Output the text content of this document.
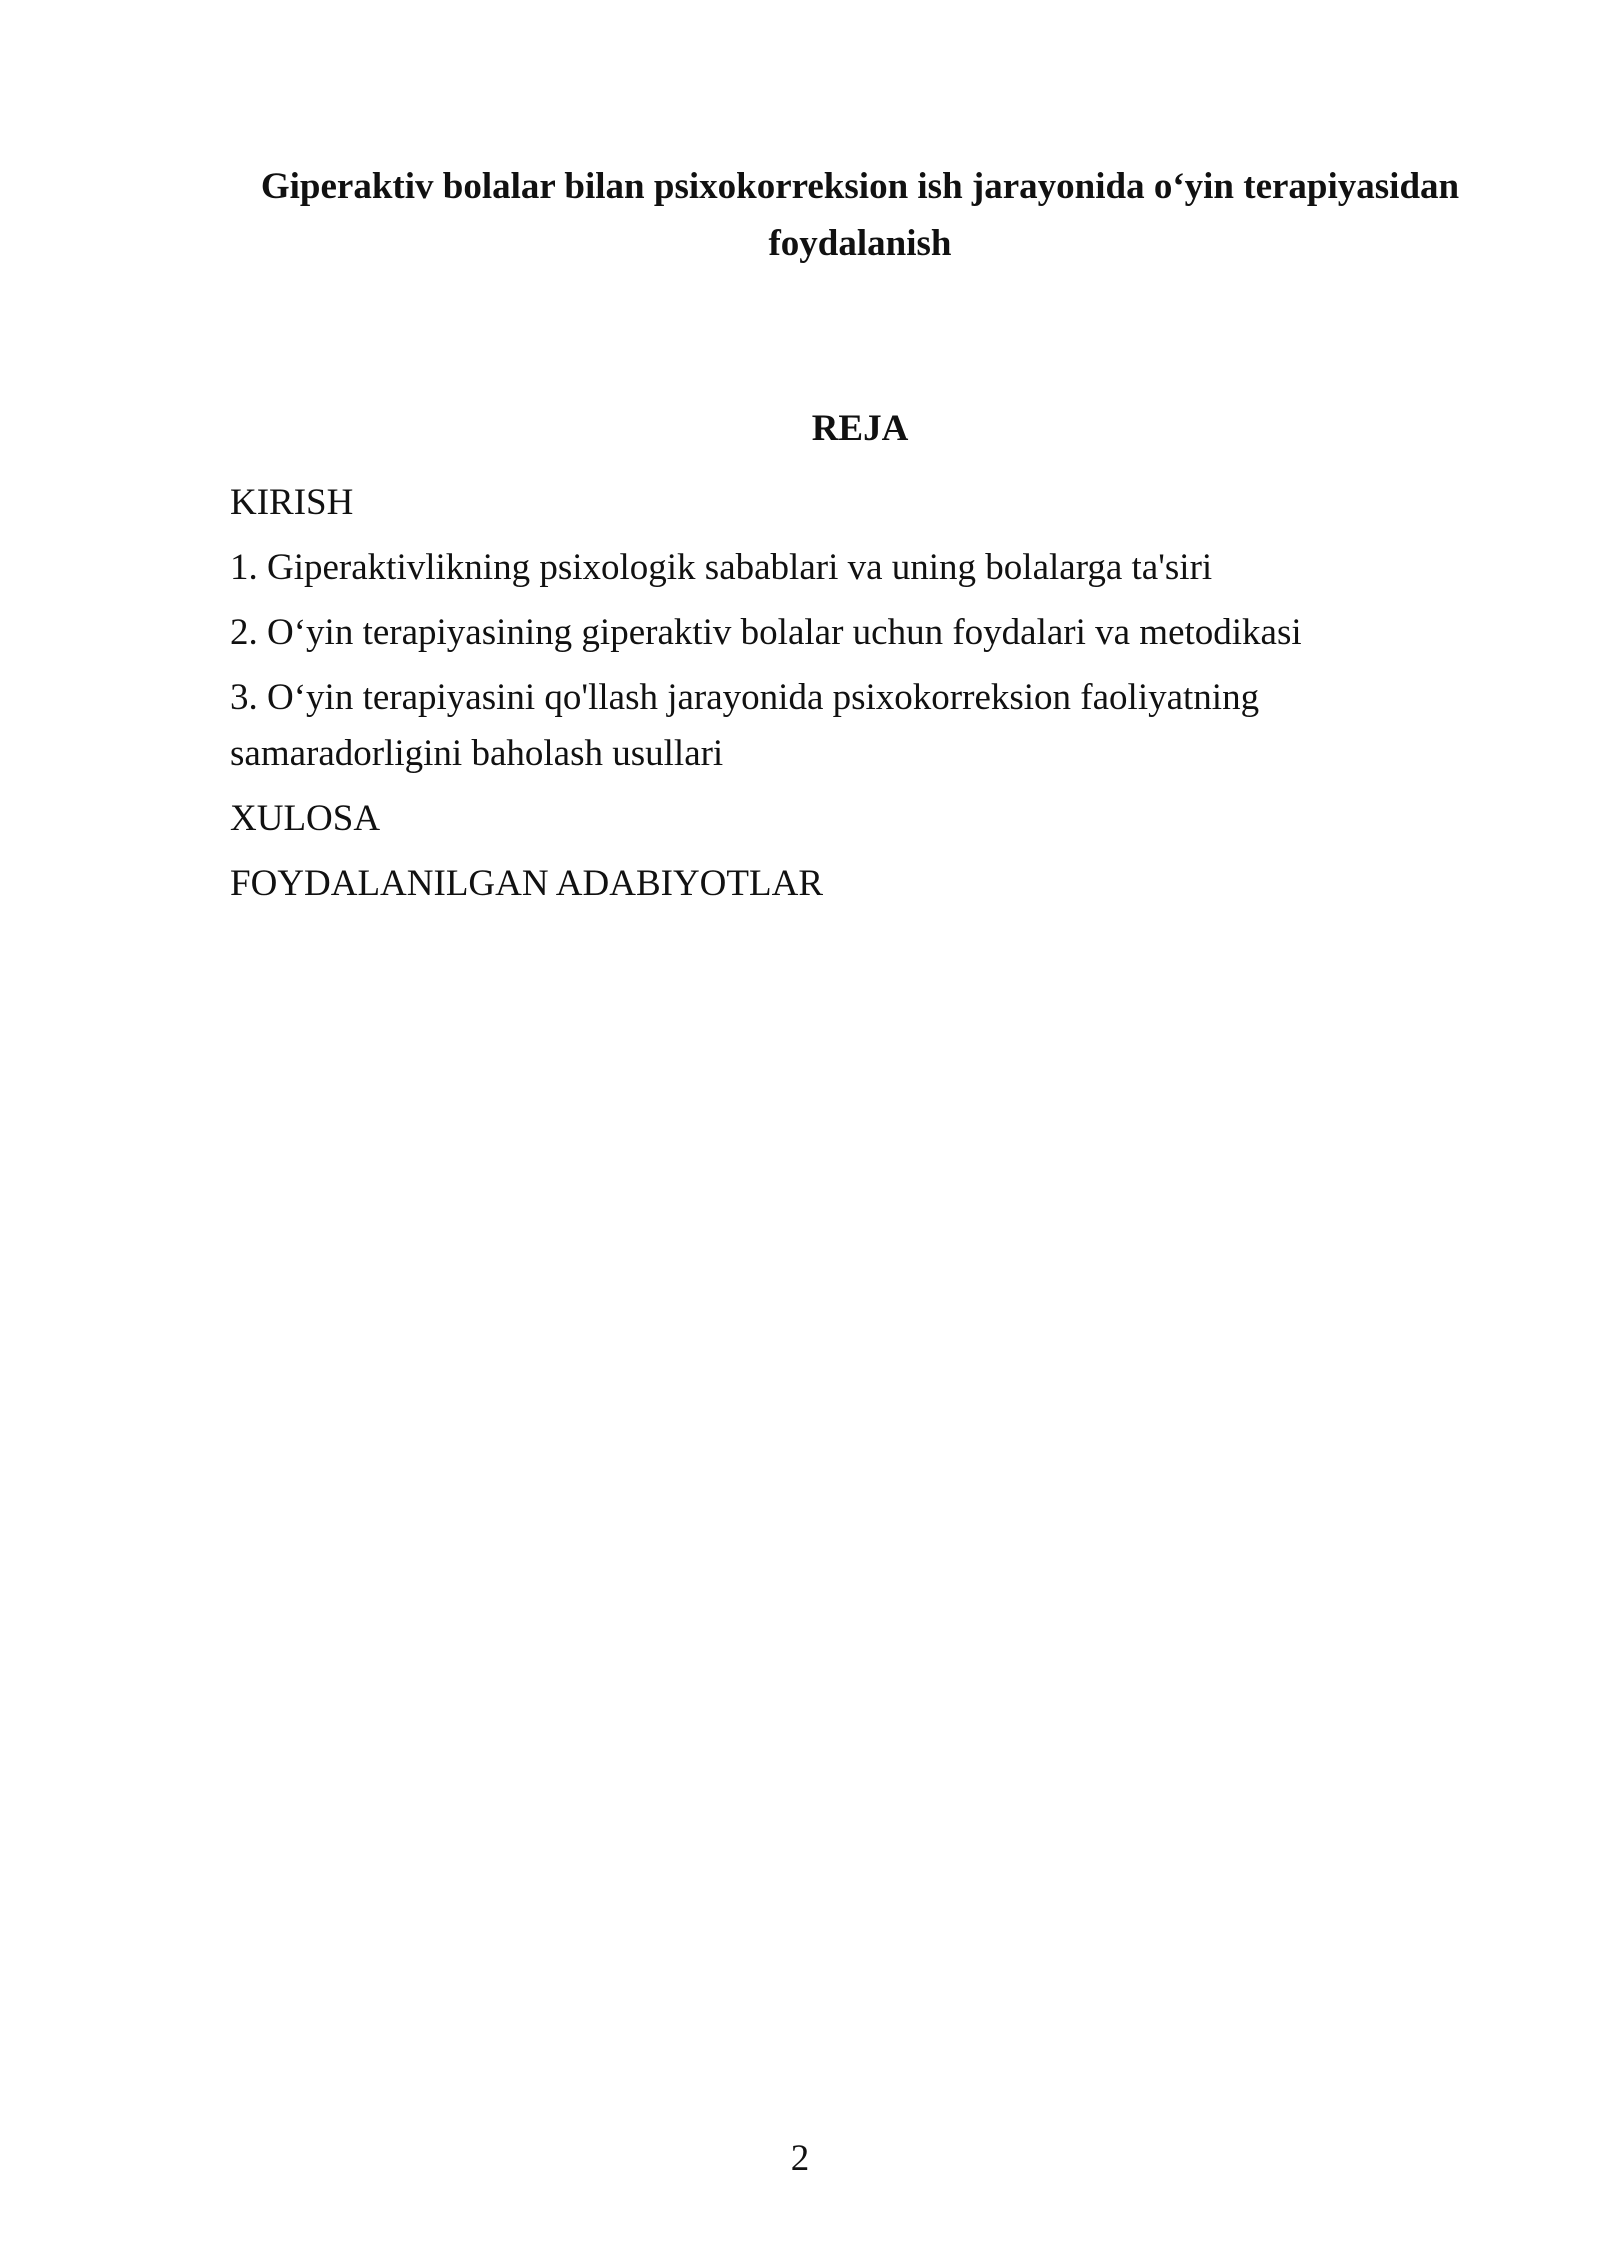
Giperaktiv bolalar bilan psixokorreksion ish jarayonida o‘yin terapiyasidan foydalanish
REJA
KIRISH
1. Giperaktivlikning psixologik sabablari va uning bolalarga ta'siri
2. O‘yin terapiyasining giperaktiv bolalar uchun foydalari va metodikasi
3. O‘yin terapiyasini qo'llash jarayonida psixokorreksion faoliyatning samaradorligini baholash usullari
XULOSA
FOYDALANILGAN ADABIYOTLAR
2
